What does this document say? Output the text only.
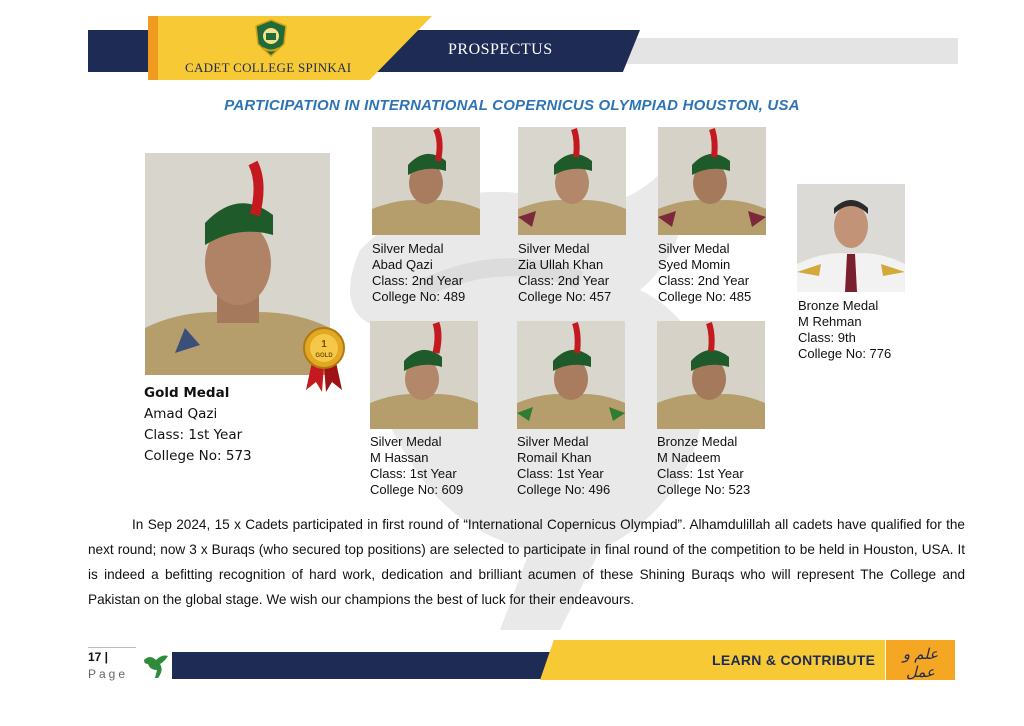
CADET COLLEGE SPINKAI
PROSPECTUS
PARTICIPATION IN INTERNATIONAL COPERNICUS OLYMPIAD HOUSTON, USA
1
GOLD
Gold Medal
Amad Qazi
Class: 1st Year
College No: 573
Silver Medal
Abad Qazi
Class: 2nd Year
College No: 489
Silver Medal
Zia Ullah Khan
Class: 2nd Year
College No: 457
Silver Medal
Syed Momin
Class: 2nd Year
College No: 485
Bronze Medal
M Rehman
Class: 9th
College No: 776
Silver Medal
M Hassan
Class: 1st Year
College No: 609
Silver Medal
Romail Khan
Class: 1st Year
College No: 496
Bronze Medal
M Nadeem
Class: 1st Year
College No: 523
In Sep 2024, 15 x Cadets participated in first round of “International Copernicus Olympiad”. Alhamdulillah all cadets have qualified for the next round; now 3 x Buraqs (who secured top positions) are selected to participate in final round of the competition to be held in Houston, USA. It is indeed a befitting recognition of hard work, dedication and brilliant acumen of these Shining Buraqs who will represent The College and Pakistan on the global stage. We wish our champions the best of luck for their endeavours.
17 |
Page
LEARN & CONTRIBUTE	علم و عمل
